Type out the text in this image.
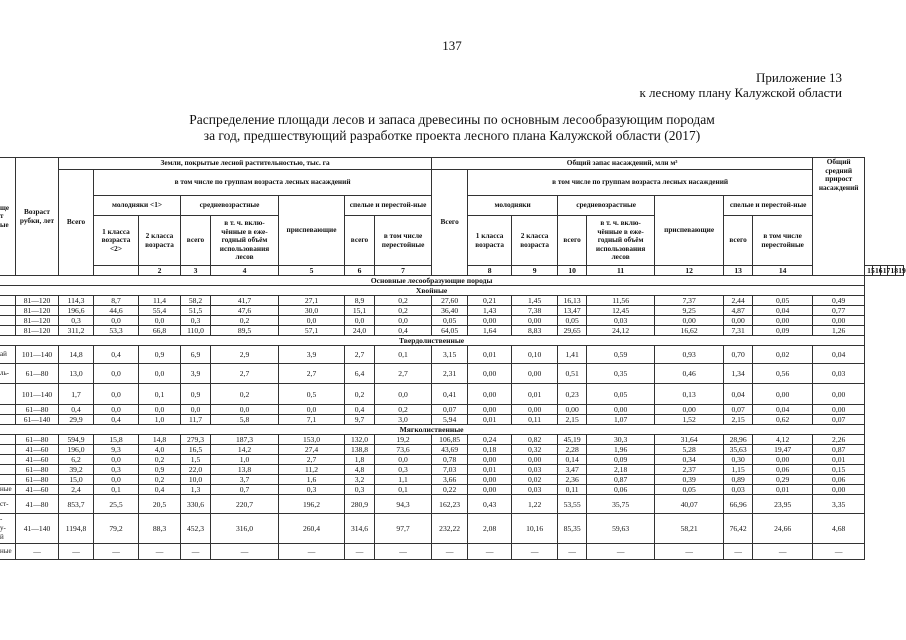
137
Приложение 13
к лесному плану Калужской области
Распределение площади лесов и запаса древесины по основным лесообразующим породам
за год, предшествующий разработке проекта лесного плана Калужской области (2017)
ще
т
ые	Возраст рубки, лет	Земли, покрытые лесной растительностью, тыс. га								Общий запас насаждений, млн м³								Общий средний прирост насаждений					
		Всего	в том числе по группам возраста лесных насаждений							Всего	в том числе по группам возраста лесных насаждений												
			молодняки <1>		средневозрастные		приспевающие	спелые и перестой-ные			молодняки		средневозрастные		приспевающие	спелые и перестой-ные							
			1 класса возраста <2>	2 класса возраста	всего	в т. ч. вклю-чённые в еже-годный объём использования лесов		всего	в том числе перестойные		1 класса возраста	2 класса возраста	всего	в т. ч. вклю-чённые в еже-годный объём использования лесов		всего	в том числе перестойные						
				2	3	4	5	6	7		8	9	10	11	12	13	14		15	16	17	18	19
Основные лесообразующие породы																							
Хвойные																							
	81—120	114,3	8,7	11,4	58,2	41,7	27,1	8,9	0,2	27,60	0,21	1,45	16,13	11,56	7,37	2,44	0,05	0,49					
	81—120	196,6	44,6	55,4	51,5	47,6	30,0	15,1	0,2	36,40	1,43	7,38	13,47	12,45	9,25	4,87	0,04	0,77					
	81—120	0,3	0,0	0,0	0,3	0,2	0,0	0,0	0,0	0,05	0,00	0,00	0,05	0,03	0,00	0,00	0,00	0,00					
	81—120	311,2	53,3	66,8	110,0	89,5	57,1	24,0	0,4	64,05	1,64	8,83	29,65	24,12	16,62	7,31	0,09	1,26					
Твердолиственные																							
ай	101—140	14,8	0,4	0,9	6,9	2,9	3,9	2,7	0,1	3,15	0,01	0,10	1,41	0,59	0,93	0,70	0,02	0,04					
ль-	61—80	13,0	0,0	0,0	3,9	2,7	2,7	6,4	2,7	2,31	0,00	0,00	0,51	0,35	0,46	1,34	0,56	0,03					
	101—140	1,7	0,0	0,1	0,9	0,2	0,5	0,2	0,0	0,41	0,00	0,01	0,23	0,05	0,13	0,04	0,00	0,00					
	61—80	0,4	0,0	0,0	0,0	0,0	0,0	0,4	0,2	0,07	0,00	0,00	0,00	0,00	0,00	0,07	0,04	0,00					
	61—140	29,9	0,4	1,0	11,7	5,8	7,1	9,7	3,0	5,94	0,01	0,11	2,15	1,07	1,52	2,15	0,62	0,07					
Мягколиственные																							
	61—80	594,9	15,8	14,8	279,3	187,3	153,0	132,0	19,2	106,85	0,24	0,82	45,19	30,3	31,64	28,96	4,12	2,26					
	41—60	196,0	9,3	4,0	16,5	14,2	27,4	138,8	73,6	43,69	0,18	0,32	2,28	1,96	5,28	35,63	19,47	0,87					
	41—60	6,2	0,0	0,2	1,5	1,0	2,7	1,8	0,0	0,78	0,00	0,00	0,14	0,09	0,34	0,30	0,00	0,01					
	61—80	39,2	0,3	0,9	22,0	13,8	11,2	4,8	0,3	7,03	0,01	0,03	3,47	2,18	2,37	1,15	0,06	0,15					
	61—80	15,0	0,0	0,2	10,0	3,7	1,6	3,2	1,1	3,66	0,00	0,02	2,36	0,87	0,39	0,89	0,29	0,06					
ные	41—60	2,4	0,1	0,4	1,3	0,7	0,3	0,3	0,1	0,22	0,00	0,03	0,11	0,06	0,05	0,03	0,01	0,00					
ст-	41—80	853,7	25,5	20,5	330,6	220,7	196,2	280,9	94,3	162,23	0,43	1,22	53,55	35,75	40,07	66,96	23,95	3,35					
-
у-
й	41—140	1194,8	79,2	88,3	452,3	316,0	260,4	314,6	97,7	232,22	2,08	10,16	85,35	59,63	58,21	76,42	24,66	4,68					
ные	—	—	—	—	—	—	—	—	—	—	—	—	—	—	—	—	—	—					
